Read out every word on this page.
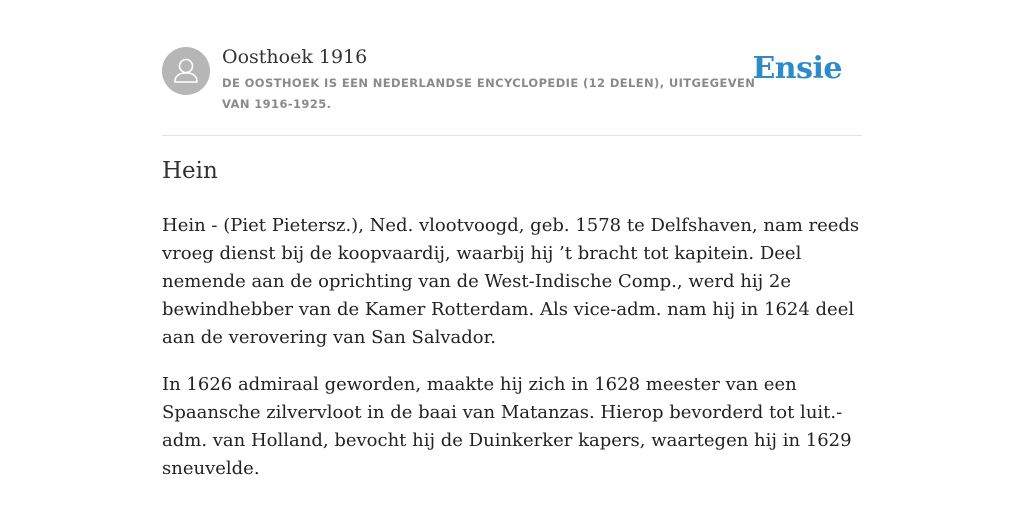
Oosthoek 1916

DE OOSTHOEK IS EEN NEDERLANDSE ENCYCLOPEDIE (12 DELEN), UITGEGEVEN VAN 1916-1925.

Ensie
Hein

Hein - (Piet Pietersz.), Ned. vlootvoogd, geb. 1578 te Delfshaven, nam reeds vroeg dienst bij de koopvaardij, waarbij hij ’t bracht tot kapitein. Deel nemende aan de oprichting van de West-Indische Comp., werd hij 2e bewindhebber van de Kamer Rotterdam. Als vice-adm. nam hij in 1624 deel aan de verovering van San Salvador.

In 1626 admiraal geworden, maakte hij zich in 1628 meester van een Spaansche zilvervloot in de baai van Matanzas. Hierop bevorderd tot luit.-adm. van Holland, bevocht hij de Duinkerker kapers, waartegen hij in 1629 sneuvelde.
